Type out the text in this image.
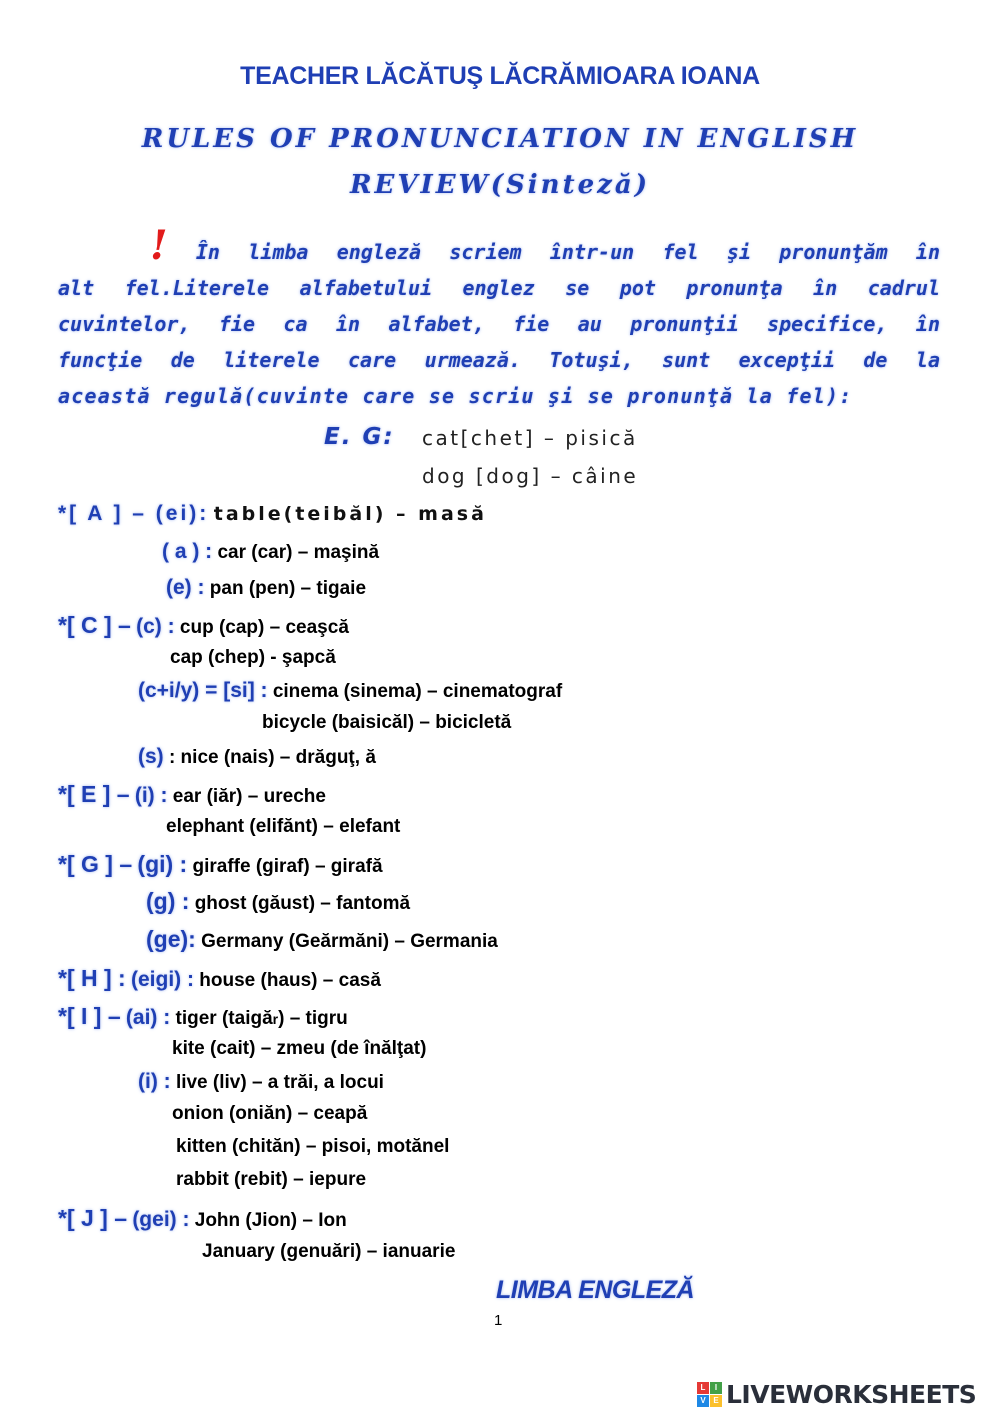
TEACHER LĂCĂTUŞ LĂCRĂMIOARA IOANA
RULES OF PRONUNCIATION IN ENGLISH
REVIEW(Sinteză)
! În limba engleză scriem într-un fel şi pronunţăm în
alt fel.Literele alfabetului englez se pot pronunţa în cadrul
cuvintelor, fie ca în alfabet, fie au pronunţii specifice, în
funcţie de literele care urmează. Totuşi, sunt excepţii de la
această regulă(cuvinte care se scriu şi se pronunţă la fel):
E. G: cat[chet] – pisică
dog [dog] – câine
*[ A ] – (ei): table(teibăl) – masă
( a ) : car (car) – maşină
(e) : pan (pen) – tigaie
*[ C ] – (c) : cup (cap) – ceaşcă
cap (chep) - şapcă
(c+i/y) = [si] : cinema (sinema) – cinematograf
bicycle (baisicăl) – bicicletă
(s) : nice (nais) – drăguţ, ă
*[ E ] – (i) : ear (iăr) – ureche
elephant (elifănt) – elefant
*[ G ] – (gi) : giraffe (giraf) – girafă
(g) : ghost (găust) – fantomă
(ge): Germany (Geărmăni) – Germania
*[ H ] : (eigi) : house (haus) – casă
*[ I ] – (ai) : tiger (taigăr) – tigru
kite (cait) – zmeu (de înălţat)
(i) : live (liv) – a trăi, a locui
onion (oniăn) – ceapă
kitten (chităn) – pisoi, motănel
rabbit (rebit) – iepure
*[ J ] – (gei) : John (Jion) – Ion
January (genuări) – ianuarie
LIMBA ENGLEZĂ
1
L	I
V E LIVEWORKSHEETS
